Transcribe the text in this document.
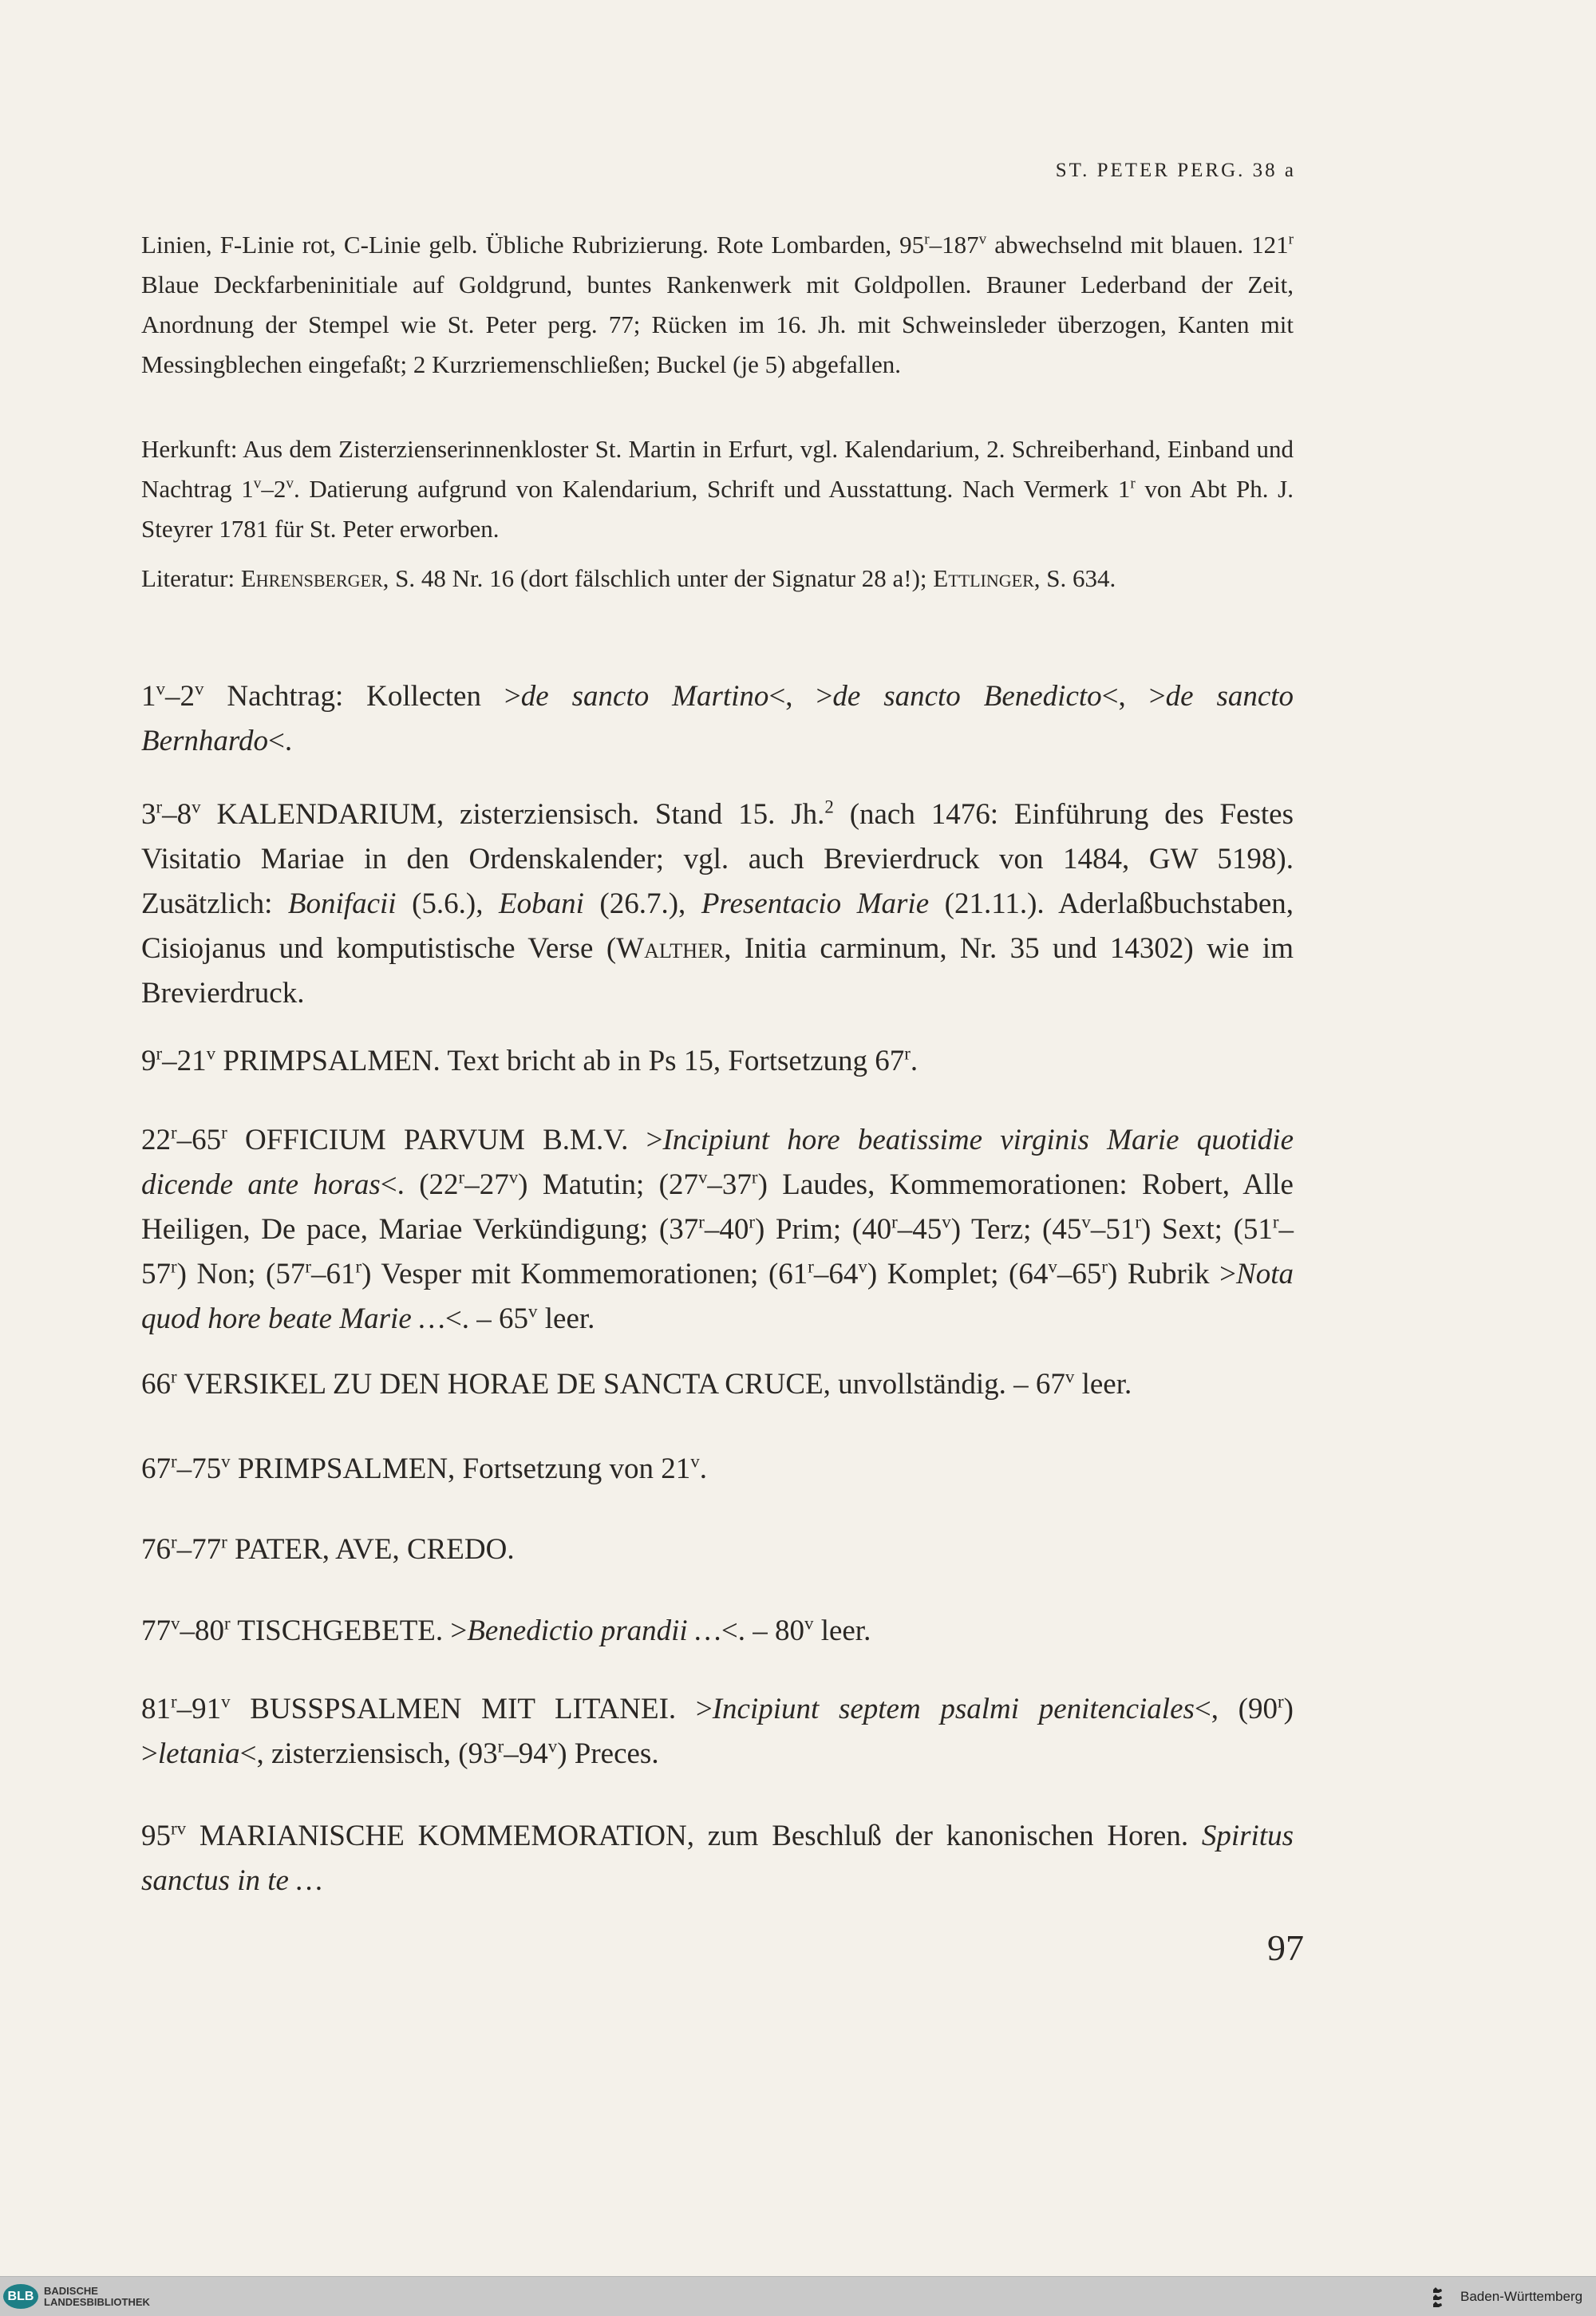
ST. PETER PERG. 38 a
Linien, F-Linie rot, C-Linie gelb. Übliche Rubrizierung. Rote Lombarden, 95$^r$–187$^v$ abwechselnd mit blauen. 121$^r$ Blaue Deckfarbeninitiale auf Goldgrund, buntes Rankenwerk mit Goldpollen. Brauner Lederband der Zeit, Anordnung der Stempel wie St. Peter perg. 77; Rücken im 16. Jh. mit Schweinsleder überzogen, Kanten mit Messingblechen eingefaßt; 2 Kurzriemenschließen; Buckel (je 5) abgefallen.
Herkunft: Aus dem Zisterzienserinnenkloster St. Martin in Erfurt, vgl. Kalendarium, 2. Schreiberhand, Einband und Nachtrag 1$^v$–2$^v$. Datierung aufgrund von Kalendarium, Schrift und Ausstattung. Nach Vermerk 1$^r$ von Abt Ph. J. Steyrer 1781 für St. Peter erworben.
Literatur: Ehrensberger, S. 48 Nr. 16 (dort fälschlich unter der Signatur 28 a!); Ettlinger, S. 634.
1$^v$–2$^v$ Nachtrag: Kollecten >de sancto Martino<, >de sancto Benedicto<, >de sancto Bernhardo<.
3$^r$–8$^v$ KALENDARIUM, zisterziensisch. Stand 15. Jh.$^2$ (nach 1476: Einführung des Festes Visitatio Mariae in den Ordenskalender; vgl. auch Brevierdruck von 1484, GW 5198). Zusätzlich: Bonifacii (5.6.), Eobani (26.7.), Presentacio Marie (21.11.). Aderlaßbuchstaben, Cisiojanus und komputistische Verse (Walther, Initia carminum, Nr. 35 und 14302) wie im Brevierdruck.
9$^r$–21$^v$ PRIMPSALMEN. Text bricht ab in Ps 15, Fortsetzung 67$^r$.
22$^r$–65$^r$ OFFICIUM PARVUM B.M.V. >Incipiunt hore beatissime virginis Marie quotidie dicende ante horas<. (22$^r$–27$^v$) Matutin; (27$^v$–37$^r$) Laudes, Kommemorationen: Robert, Alle Heiligen, De pace, Mariae Verkündigung; (37$^r$–40$^r$) Prim; (40$^r$–45$^v$) Terz; (45$^v$–51$^r$) Sext; (51$^r$–57$^r$) Non; (57$^r$–61$^r$) Vesper mit Kommemorationen; (61$^r$–64$^v$) Komplet; (64$^v$–65$^r$) Rubrik >Nota quod hore beate Marie …<. – 65$^v$ leer.
66$^r$ VERSIKEL ZU DEN HORAE DE SANCTA CRUCE, unvollständig. – 67$^v$ leer.
67$^r$–75$^v$ PRIMPSALMEN, Fortsetzung von 21$^v$.
76$^r$–77$^r$ PATER, AVE, CREDO.
77$^v$–80$^r$ TISCHGEBETE. >Benedictio prandii …<. – 80$^v$ leer.
81$^r$–91$^v$ BUSSPSALMEN MIT LITANEI. >Incipiunt septem psalmi penitenciales<, $(90^r)$ >letania<, zisterziensisch, (93$^r$–94$^v$) Preces.
$95^{rv}$ MARIANISCHE KOMMEMORATION, zum Beschluß der kanonischen Horen. Spiritus sanctus in te …
97
BLB BADISCHE
LANDESBIBLIOTHEK	Baden-Württemberg
